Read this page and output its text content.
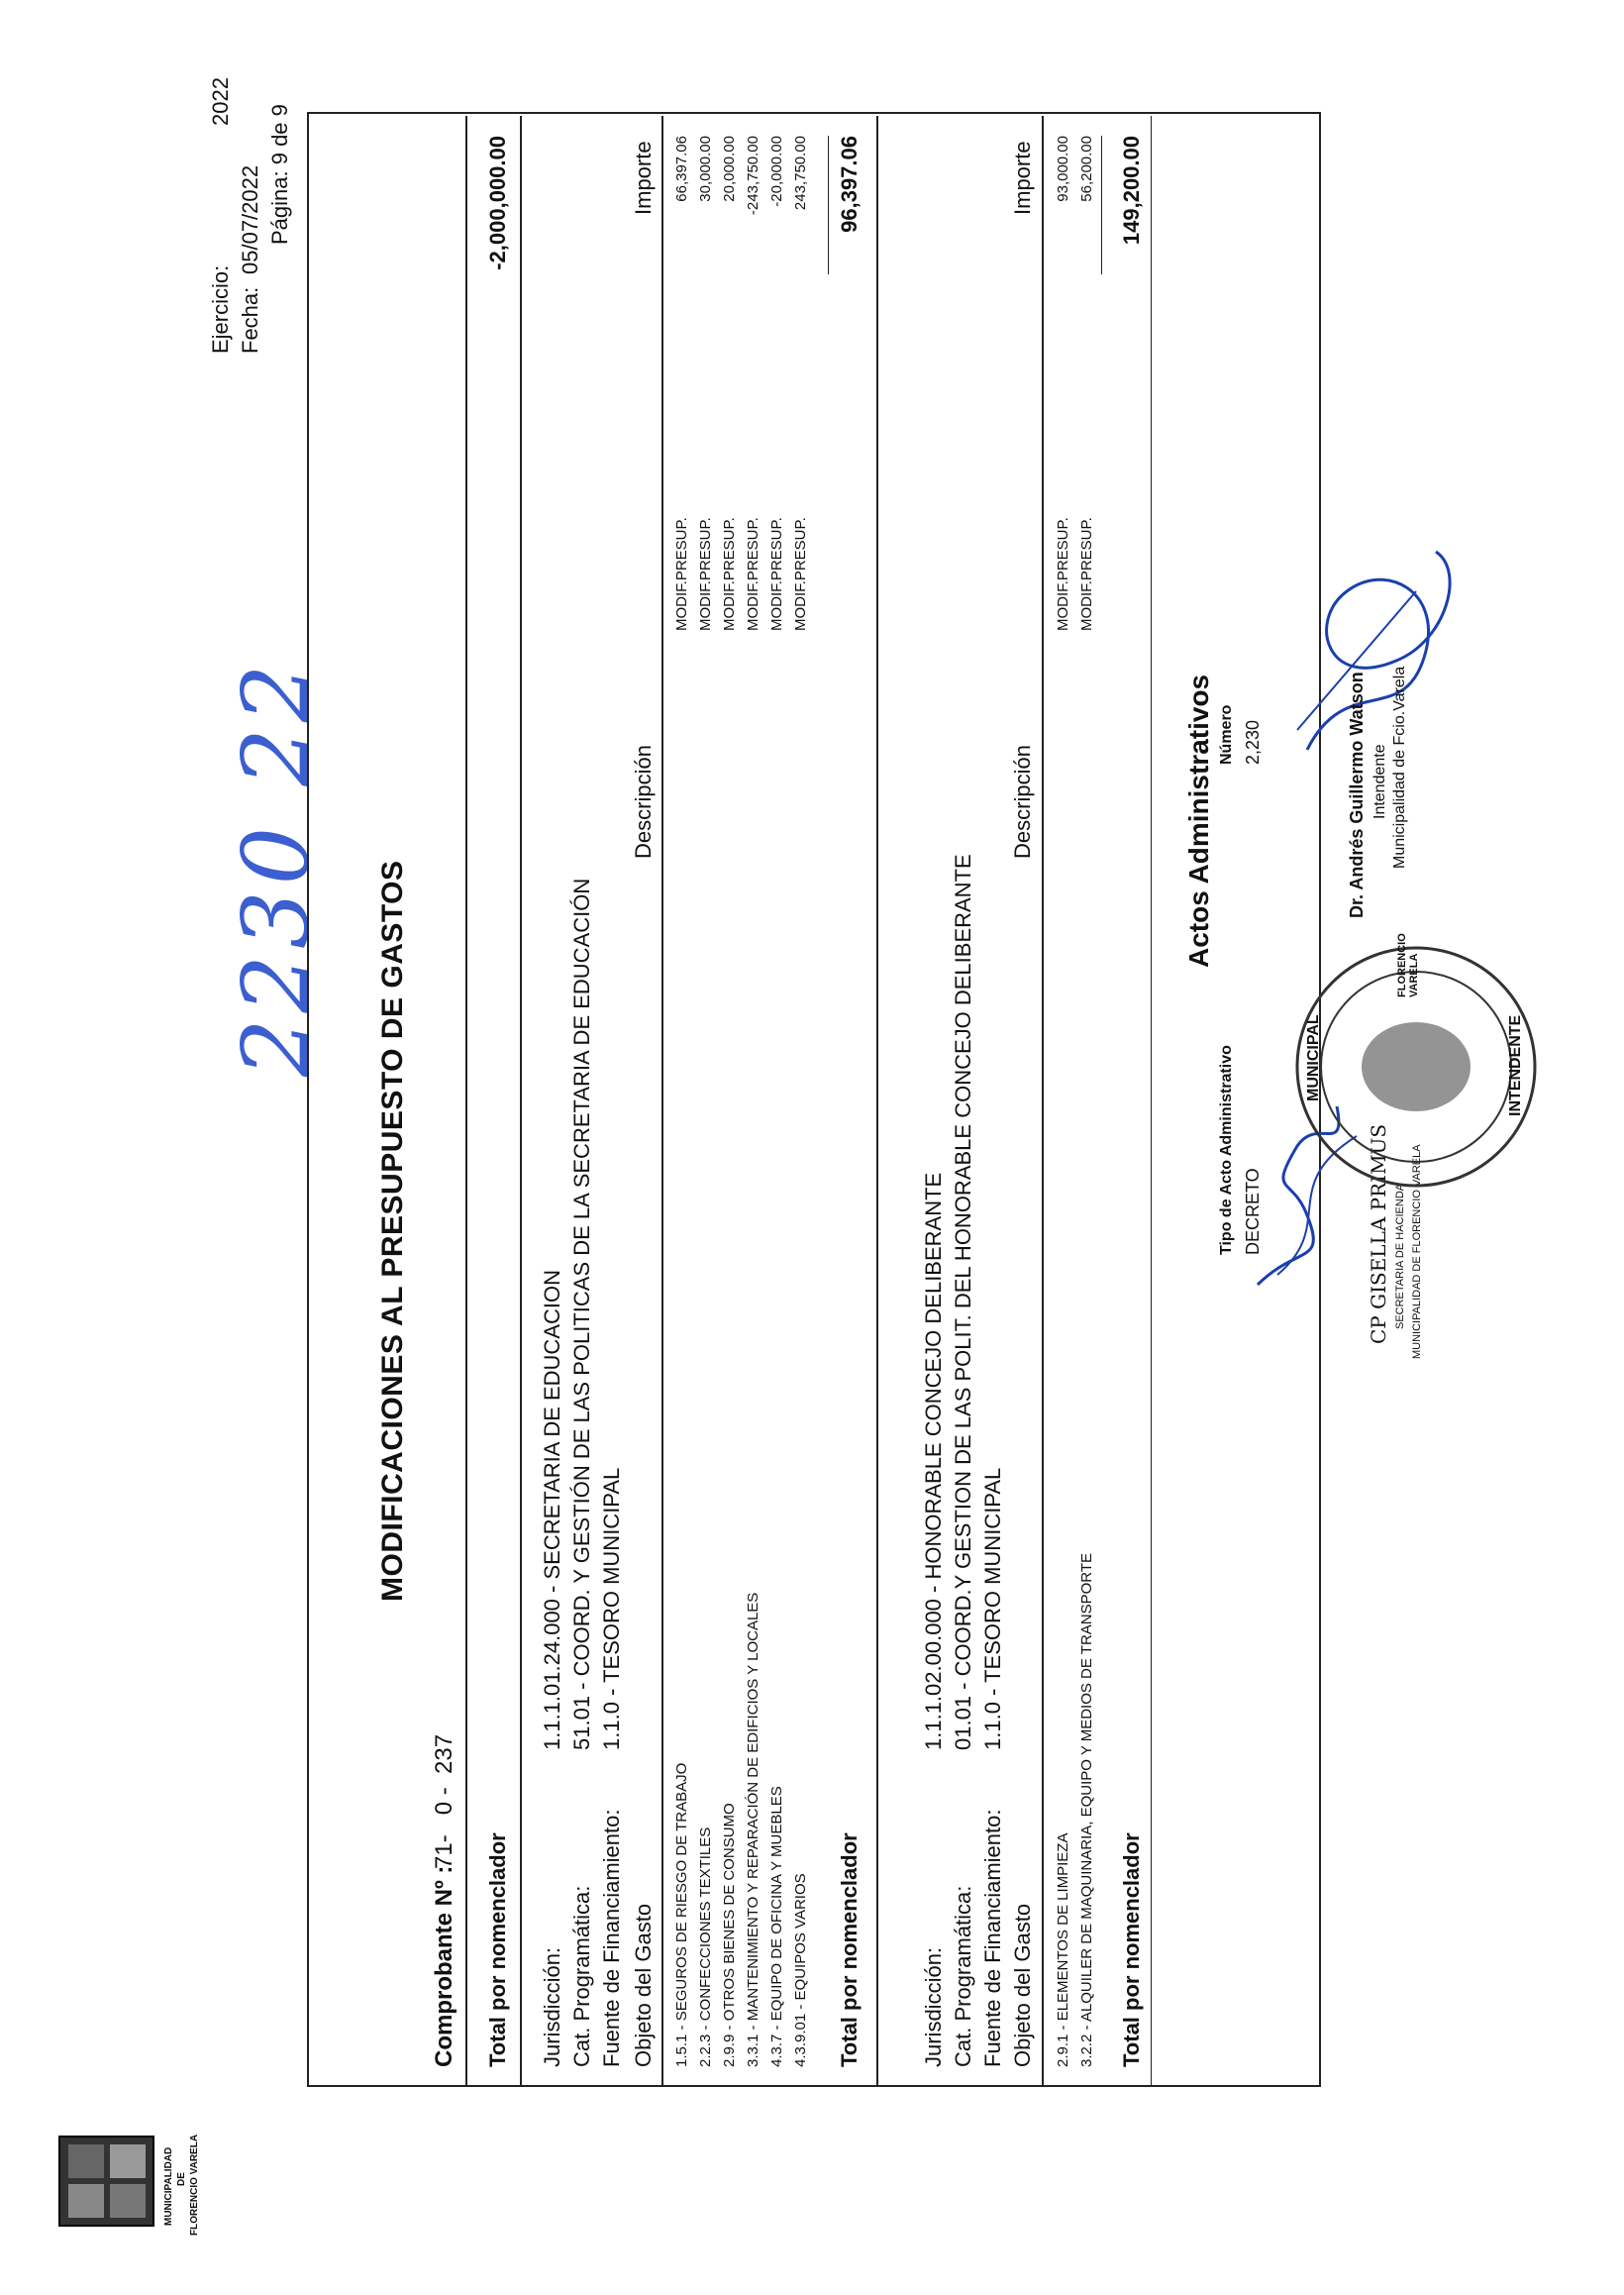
MUNICIPALIDAD DE FLORENCIO VARELA
MODIFICACIONES AL PRESUPUESTO DE GASTOS
2230 22
Ejercicio:
2022
Fecha:
05/07/2022 Página: 9 de 9
Comprobante Nº :
71-   0 -  237
Total por nomenclador
-2,000,000.00
Jurisdicción:
1.1.1.01.24.000 - SECRETARIA DE EDUCACION
Cat. Programática:
51.01 - COORD. Y GESTIÓN DE LAS POLITICAS DE LA SECRETARIA DE EDUCACIÓN
Fuente de Financiamiento:
1.1.0 - TESORO MUNICIPAL
Objeto del Gasto
Descripción
Importe
1.5.1 - SEGUROS DE RIESGO DE TRABAJO
MODIF.PRESUP.
66,397.06
2.2.3 - CONFECCIONES TEXTILES
MODIF.PRESUP.
30,000.00
2.9.9 - OTROS BIENES DE CONSUMO
MODIF.PRESUP.
20,000.00
3.3.1 - MANTENIMIENTO Y REPARACIÓN DE EDIFICIOS Y LOCALES
MODIF.PRESUP.
-243,750.00
4.3.7 - EQUIPO DE OFICINA Y MUEBLES
MODIF.PRESUP.
-20,000.00
4.3.9.01 - EQUIPOS VARIOS
MODIF.PRESUP.
243,750.00
Total por nomenclador
96,397.06
Jurisdicción:
1.1.1.02.00.000 - HONORABLE CONCEJO DELIBERANTE
Cat. Programática:
01.01 - COORD.Y GESTION DE LAS POLIT. DEL HONORABLE CONCEJO DELIBERANTE
Fuente de Financiamiento:
1.1.0 - TESORO MUNICIPAL
Objeto del Gasto
Descripción
Importe
2.9.1 - ELEMENTOS DE LIMPIEZA
MODIF.PRESUP.
93,000.00
3.2.2 - ALQUILER DE MAQUINARIA, EQUIPO Y MEDIOS DE TRANSPORTE
MODIF.PRESUP.
56,200.00
Total por nomenclador
149,200.00
Actos Administrativos
Tipo de Acto Administrativo DECRETO
Número 2,230
CP GISELLA PRIMUS SECRETARIA DE HACIENDA MUNICIPALIDAD DE FLORENCIO VARELA
MUNICIPAL	INTENDENTE
FLORENCIO VARELA
Dr. Andrés Guillermo Watson Intendente Municipalidad de Fcio.Varela
